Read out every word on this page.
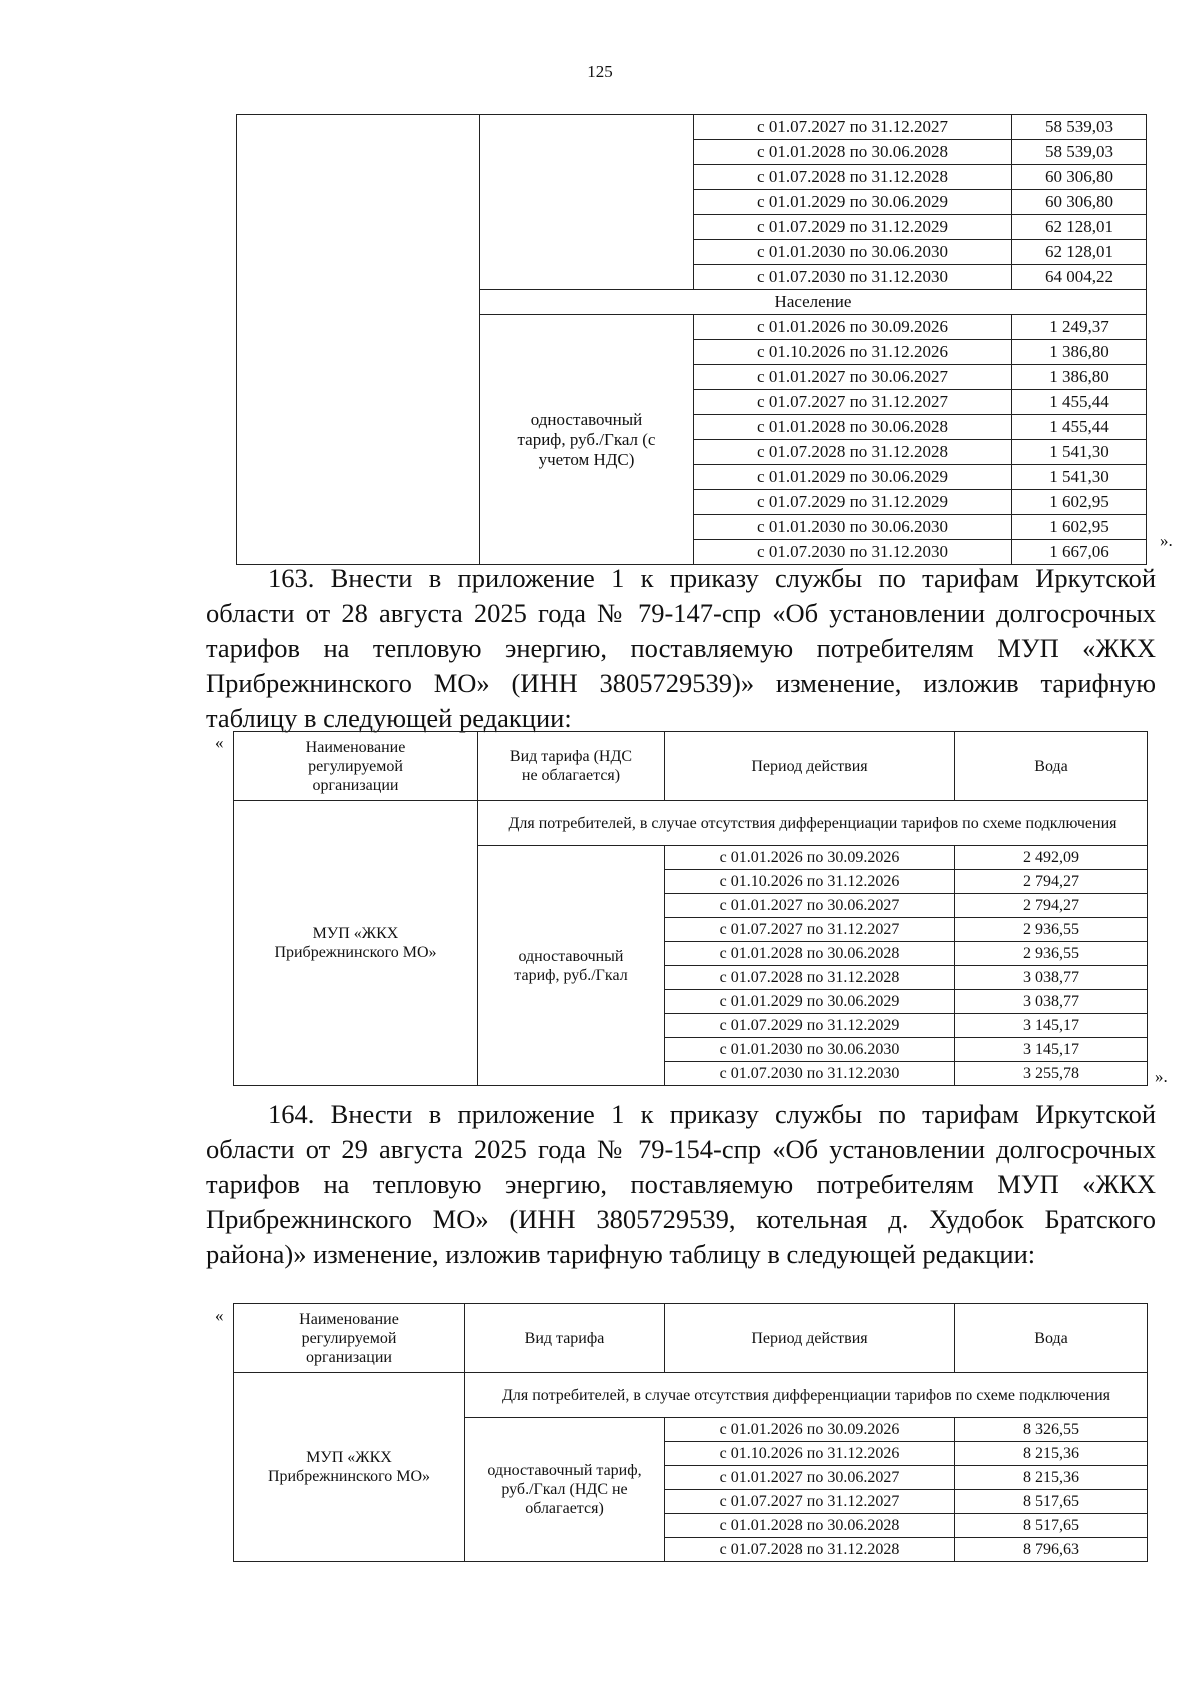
125
		с 01.07.2027 по 31.12.2027	58 539,03
		с 01.01.2028 по 30.06.2028	58 539,03
		с 01.07.2028 по 31.12.2028	60 306,80
		с 01.01.2029 по 30.06.2029	60 306,80
		с 01.07.2029 по 31.12.2029	62 128,01
		с 01.01.2030 по 30.06.2030	62 128,01
		с 01.07.2030 по 31.12.2030	64 004,22
	Население		
	одноставочный тариф, руб./Гкал (с учетом НДС)	с 01.01.2026 по 30.09.2026	1 249,37
		с 01.10.2026 по 31.12.2026	1 386,80
		с 01.01.2027 по 30.06.2027	1 386,80
		с 01.07.2027 по 31.12.2027	1 455,44
		с 01.01.2028 по 30.06.2028	1 455,44
		с 01.07.2028 по 31.12.2028	1 541,30
		с 01.01.2029 по 30.06.2029	1 541,30
		с 01.07.2029 по 31.12.2029	1 602,95
		с 01.01.2030 по 30.06.2030	1 602,95
		с 01.07.2030 по 31.12.2030	1 667,06
».

163. Внести в приложение 1 к приказу службы по тарифам Иркутской

области от 28 августа 2025 года № 79-147-спр «Об установлении долгосрочных тарифов на тепловую энергию, поставляемую потребителям МУП «ЖКХ Прибрежнинского МО» (ИНН 3805729539)» изменение, изложив тарифную таблицу в следующей редакции:

«	Наименование регулируемой организации	Вид тарифа (НДС не облагается)	Период действия	Вода
МУП «ЖКХ Прибрежнинского МО»	Для потребителей, в случае отсутствия дифференциации тарифов по схеме подключения		
	одноставочный тариф, руб./Гкал	с 01.01.2026 по 30.09.2026	2 492,09
		с 01.10.2026 по 31.12.2026	2 794,27
		с 01.01.2027 по 30.06.2027	2 794,27
		с 01.07.2027 по 31.12.2027	2 936,55
		с 01.01.2028 по 30.06.2028	2 936,55
		с 01.07.2028 по 31.12.2028	3 038,77
		с 01.01.2029 по 30.06.2029	3 038,77
		с 01.07.2029 по 31.12.2029	3 145,17
		с 01.01.2030 по 30.06.2030	3 145,17
		с 01.07.2030 по 31.12.2030	3 255,78	».

164. Внести в приложение 1 к приказу службы по тарифам Иркутской

области от 29 августа 2025 года № 79-154-спр «Об установлении долгосрочных тарифов на тепловую энергию, поставляемую потребителям МУП «ЖКХ Прибрежнинского МО» (ИНН 3805729539, котельная д. Худобок Братского района)» изменение, изложив тарифную таблицу в следующей редакции:

«	Наименование регулируемой организации	Вид тарифа	Период действия	Вода
МУП «ЖКХ Прибрежнинского МО»	Для потребителей, в случае отсутствия дифференциации тарифов по схеме подключения		
	одноставочный тариф, руб./Гкал (НДС не облагается)	с 01.01.2026 по 30.09.2026	8 326,55
		с 01.10.2026 по 31.12.2026	8 215,36
		с 01.01.2027 по 30.06.2027	8 215,36
		с 01.07.2027 по 31.12.2027	8 517,65
		с 01.01.2028 по 30.06.2028	8 517,65
		с 01.07.2028 по 31.12.2028	8 796,63
